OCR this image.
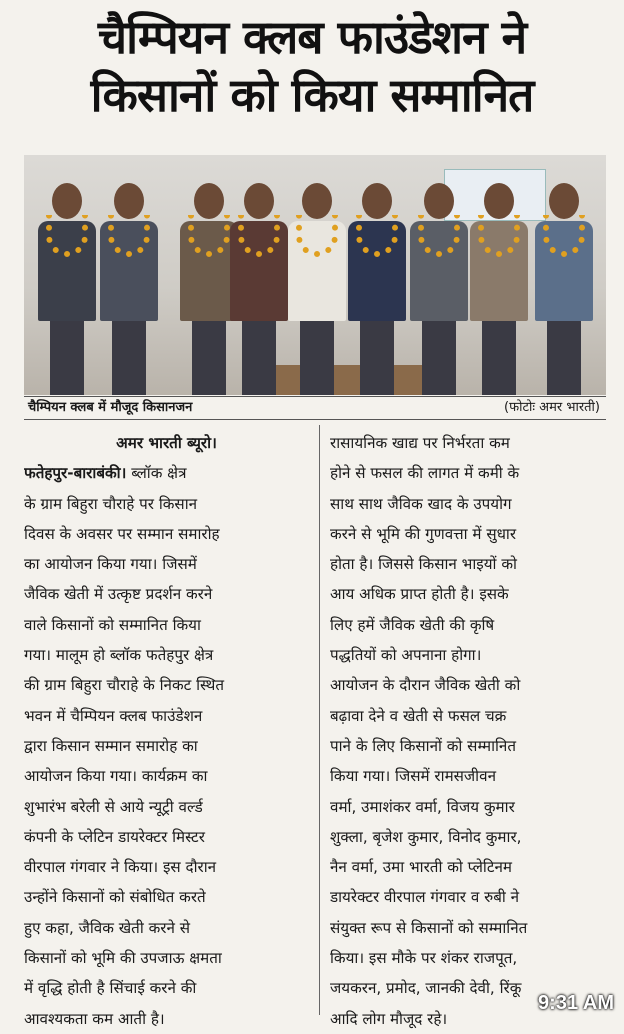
चैम्पियन क्लब फाउंडेशन ने
किसानों को किया सम्मानित
चैम्पियन क्लब में मौजूद किसानजन	(फोटोः अमर भारती)
अमर भारती ब्यूरो।
फतेहपुर-बाराबंकी। ब्लॉक क्षेत्र
के ग्राम बिहुरा चौराहे पर किसान
दिवस के अवसर पर सम्मान समारोह
का आयोजन किया गया। जिसमें
जैविक खेती में उत्कृष्ट प्रदर्शन करने
वाले किसानों को सम्मानित किया
गया। मालूम हो ब्लॉक फतेहपुर क्षेत्र
की ग्राम बिहुरा चौराहे के निकट स्थित
भवन में चैम्पियन क्लब फाउंडेशन
द्वारा किसान सम्मान समारोह का
आयोजन किया गया। कार्यक्रम का
शुभारंभ बरेली से आये न्यूट्री वर्ल्ड
कंपनी के प्लेटिन डायरेक्टर मिस्टर
वीरपाल गंगवार ने किया। इस दौरान
उन्होंने किसानों को संबोधित करते
हुए कहा, जैविक खेती करने से
किसानों को भूमि की उपजाऊ क्षमता
में वृद्धि होती है सिंचाई करने की
आवश्यकता कम आती है।
रासायनिक खाद्य पर निर्भरता कम
होने से फसल की लागत में कमी के
साथ साथ जैविक खाद के उपयोग
करने से भूमि की गुणवत्ता में सुधार
होता है। जिससे किसान भाइयों को
आय अधिक प्राप्त होती है। इसके
लिए हमें जैविक खेती की कृषि
पद्धतियों को अपनाना होगा।
आयोजन के दौरान जैविक खेती को
बढ़ावा देने व खेती से फसल चक्र
पाने के लिए किसानों को सम्मानित
किया गया। जिसमें रामसजीवन
वर्मा, उमाशंकर वर्मा, विजय कुमार
शुक्ला, बृजेश कुमार, विनोद कुमार,
नैन वर्मा, उमा भारती को प्लेटिनम
डायरेक्टर वीरपाल गंगवार व रुबी ने
संयुक्त रूप से किसानों को सम्मानित
किया। इस मौके पर शंकर राजपूत,
जयकरन, प्रमोद, जानकी देवी, रिंकू
आदि लोग मौजूद रहे।
9:31 AM
